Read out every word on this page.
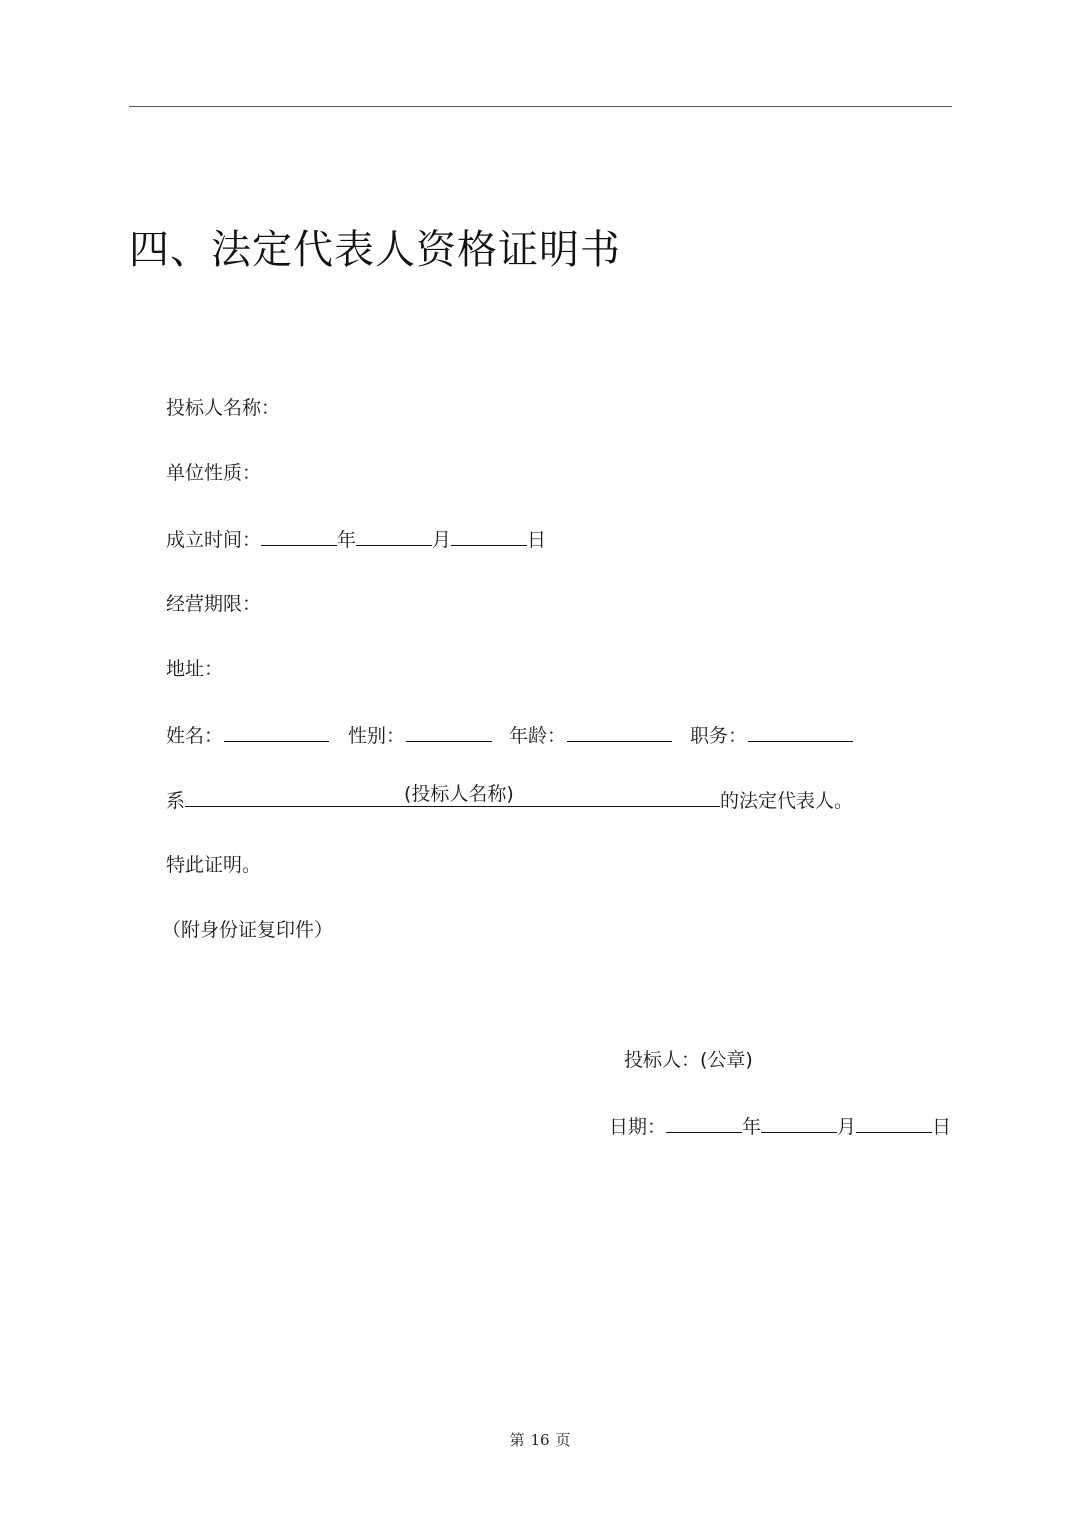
四、法定代表人资格证明书
投标人名称：
单位性质：
成立时间：	年	月	日
经营期限：
地址：
姓名：	性别：	年龄：	职务：
系	(投标人名称)	的法定代表人。
特此证明。
（附身份证复印件）
投标人：(公章)
日期：	年	月	日
第 16 页
